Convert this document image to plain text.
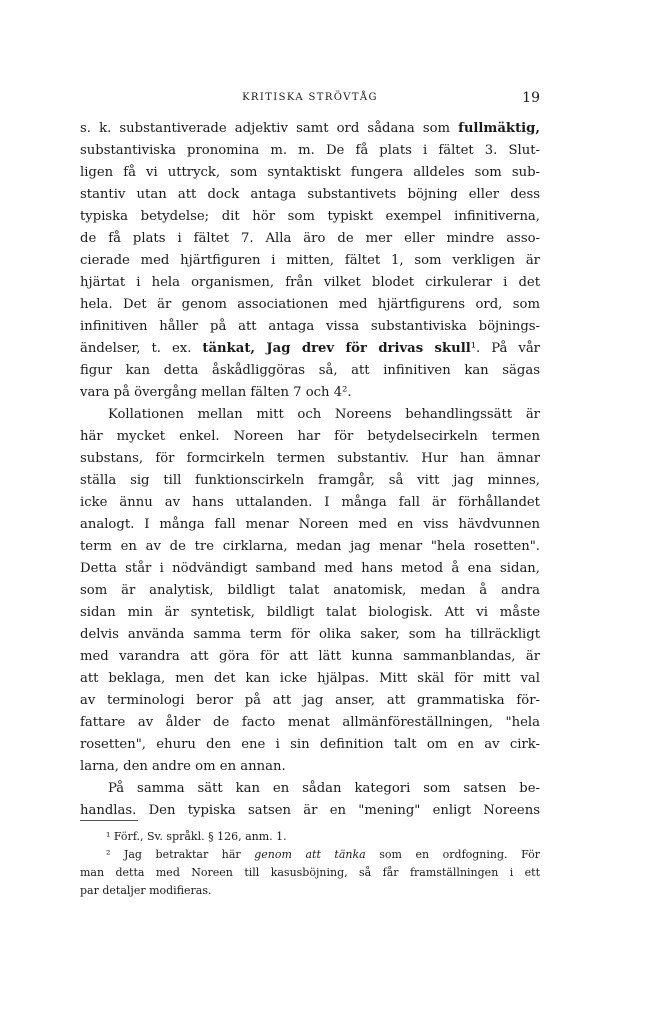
KRITISKA STRÖVTÅG	19
s. k. substantiverade adjektiv samt ord sådana som fullmäktig,
substantiviska pronomina m. m. De få plats i fältet 3. Slut-
ligen få vi uttryck, som syntaktiskt fungera alldeles som sub-
stantiv utan att dock antaga substantivets böjning eller dess
typiska betydelse; dit hör som typiskt exempel infinitiverna,
de få plats i fältet 7. Alla äro de mer eller mindre asso-
cierade med hjärtfiguren i mitten, fältet 1, som verkligen är
hjärtat i hela organismen, från vilket blodet cirkulerar i det
hela. Det är genom associationen med hjärtfigurens ord, som
infinitiven håller på att antaga vissa substantiviska böjnings-
ändelser, t. ex. tänkat, Jag drev för drivas skull¹. På vår
figur kan detta åskådliggöras så, att infinitiven kan sägas
vara på övergång mellan fälten 7 och 4².
Kollationen mellan mitt och Noreens behandlingssätt är
här mycket enkel. Noreen har för betydelsecirkeln termen
substans, för formcirkeln termen substantiv. Hur han ämnar
ställa sig till funktionscirkeln framgår, så vitt jag minnes,
icke ännu av hans uttalanden. I många fall är förhållandet
analogt. I många fall menar Noreen med en viss hävdvunnen
term en av de tre cirklarna, medan jag menar "hela rosetten".
Detta står i nödvändigt samband med hans metod å ena sidan,
som är analytisk, bildligt talat anatomisk, medan å andra
sidan min är syntetisk, bildligt talat biologisk. Att vi måste
delvis använda samma term för olika saker, som ha tillräckligt
med varandra att göra för att lätt kunna sammanblandas, är
att beklaga, men det kan icke hjälpas. Mitt skäl för mitt val
av terminologi beror på att jag anser, att grammatiska för-
fattare av ålder de facto menat allmänföreställningen, "hela
rosetten", ehuru den ene i sin definition talt om en av cirk-
larna, den andre om en annan.
På samma sätt kan en sådan kategori som satsen be-
handlas. Den typiska satsen är en "mening" enligt Noreens
¹ Förf., Sv. språkl. § 126, anm. 1.
² Jag betraktar här genom att tänka som en ordfogning. För
man detta med Noreen till kasusböjning, så får framställningen i ett
par detaljer modifieras.
